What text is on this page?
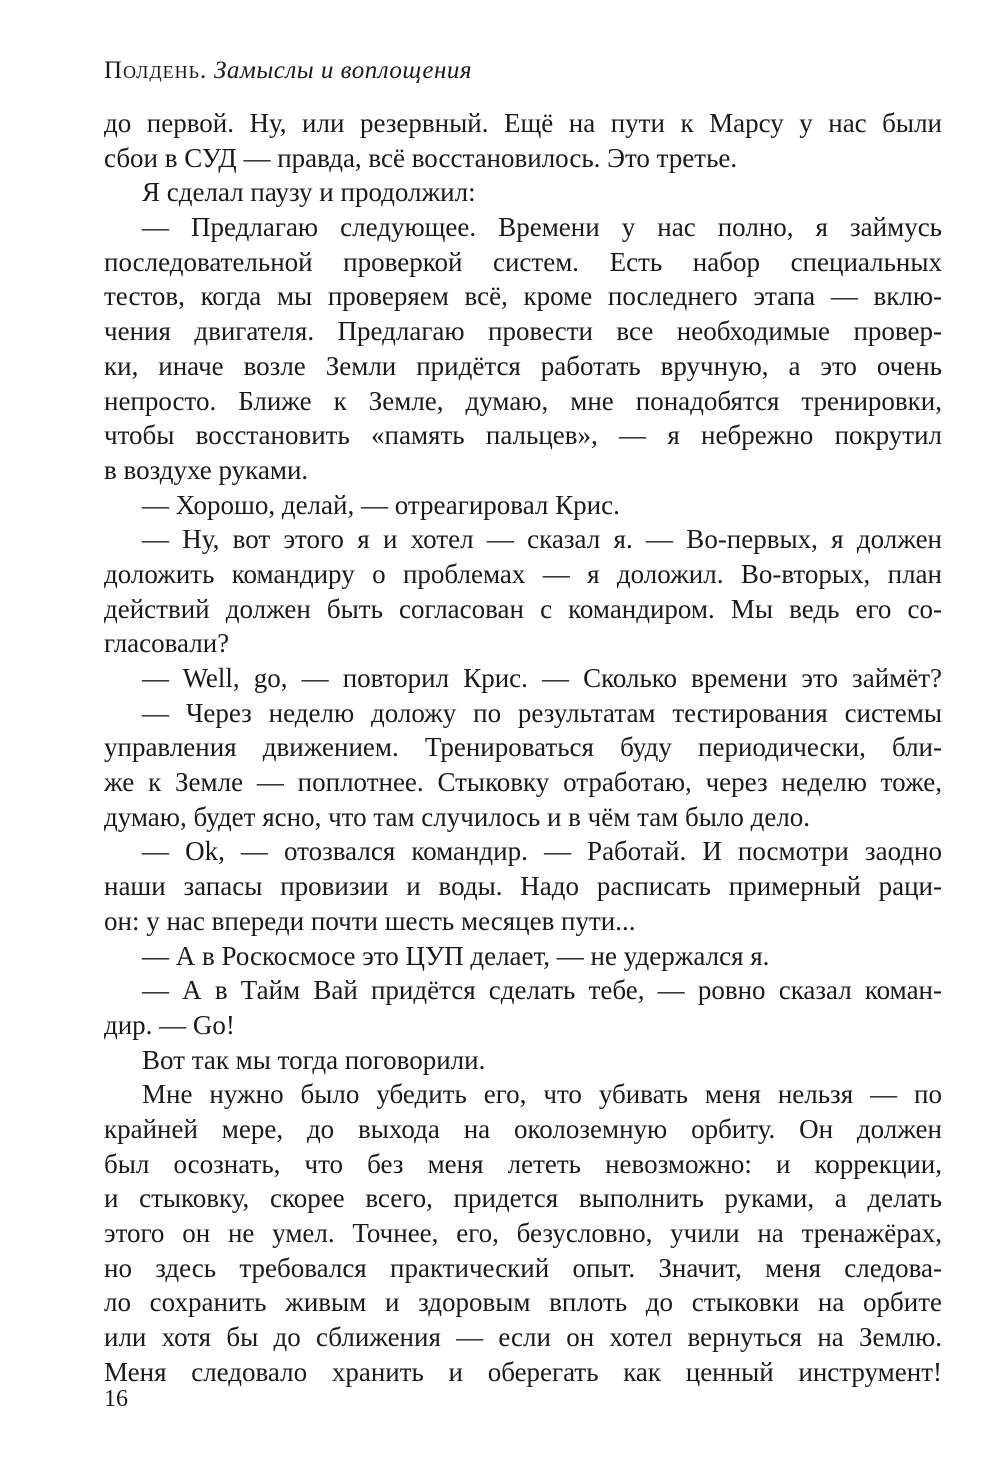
Полдень. Замыслы и воплощения
до первой. Ну, или резервный. Ещё на пути к Марсу у нас были
сбои в СУД — правда, всё восстановилось. Это третье.
Я сделал паузу и продолжил:
— Предлагаю следующее. Времени у нас полно, я займусь
последовательной проверкой систем. Есть набор специальных
тестов, когда мы проверяем всё, кроме последнего этапа — вклю-
чения двигателя. Предлагаю провести все необходимые провер-
ки, иначе возле Земли придётся работать вручную, а это очень
непросто. Ближе к Земле, думаю, мне понадобятся тренировки,
чтобы восстановить «память пальцев», — я небрежно покрутил
в воздухе руками.
— Хорошо, делай, — отреагировал Крис.
— Ну, вот этого я и хотел — сказал я. — Во-первых, я должен
доложить командиру о проблемах — я доложил. Во-вторых, план
действий должен быть согласован с командиром. Мы ведь его со-
гласовали?
— Well, go, — повторил Крис. — Сколько времени это займёт?
— Через неделю доложу по результатам тестирования системы
управления движением. Тренироваться буду периодически, бли-
же к Земле — поплотнее. Стыковку отработаю, через неделю тоже,
думаю, будет ясно, что там случилось и в чём там было дело.
— Ok, — отозвался командир. — Работай. И посмотри заодно
наши запасы провизии и воды. Надо расписать примерный раци-
он: у нас впереди почти шесть месяцев пути...
— А в Роскосмосе это ЦУП делает, — не удержался я.
— А в Тайм Вай придётся сделать тебе, — ровно сказал коман-
дир. — Go!
Вот так мы тогда поговорили.
Мне нужно было убедить его, что убивать меня нельзя — по
крайней мере, до выхода на околоземную орбиту. Он должен
был осознать, что без меня лететь невозможно: и коррекции,
и стыковку, скорее всего, придется выполнить руками, а делать
этого он не умел. Точнее, его, безусловно, учили на тренажёрах,
но здесь требовался практический опыт. Значит, меня следова-
ло сохранить живым и здоровым вплоть до стыковки на орбите
или хотя бы до сближения — если он хотел вернуться на Землю.
Меня следовало хранить и оберегать как ценный инструмент!
16
